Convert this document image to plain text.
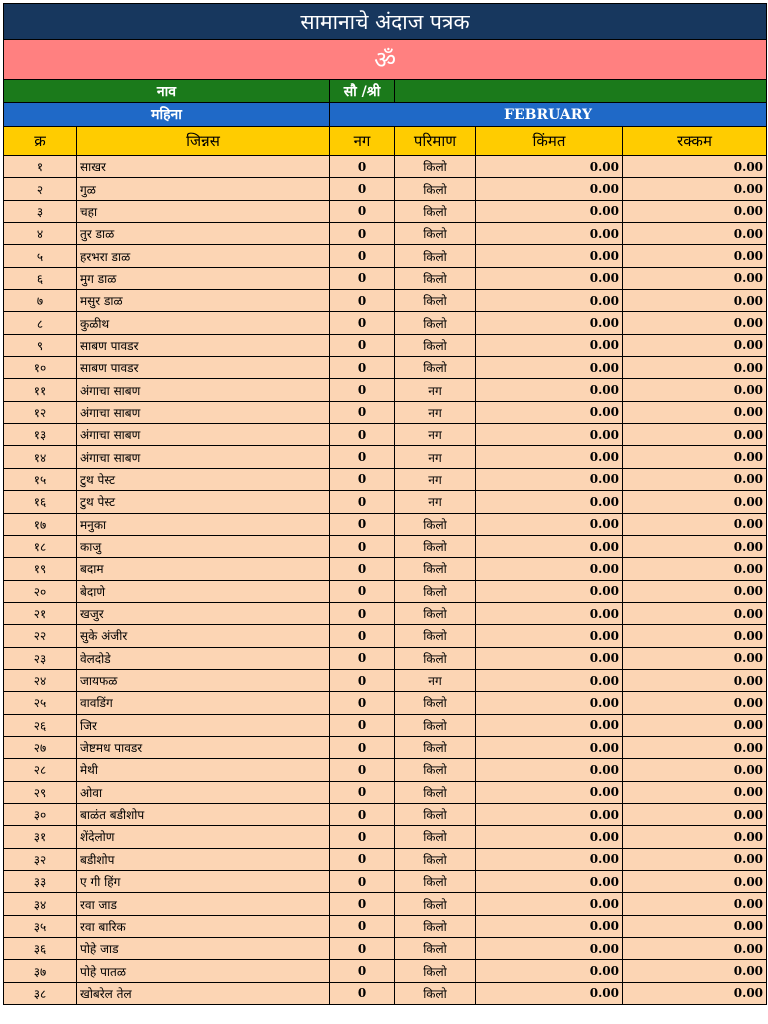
सामानाचे अंदाज पत्रक					
ॐ					
नाव		सौ /श्री			
महिना		FEBRUARY			
क्र	जिन्नस	नग	परिमाण	किंमत	रक्कम
१	साखर	0	किलो	0.00	0.00
२	गुळ	0	किलो	0.00	0.00
३	चहा	0	किलो	0.00	0.00
४	तुर डाळ	0	किलो	0.00	0.00
५	हरभरा डाळ	0	किलो	0.00	0.00
६	मुग डाळ	0	किलो	0.00	0.00
७	मसुर डाळ	0	किलो	0.00	0.00
८	कुळीथ	0	किलो	0.00	0.00
९	साबण पावडर	0	किलो	0.00	0.00
१०	साबण पावडर	0	किलो	0.00	0.00
११	अंगाचा साबण	0	नग	0.00	0.00
१२	अंगाचा साबण	0	नग	0.00	0.00
१३	अंगाचा साबण	0	नग	0.00	0.00
१४	अंगाचा साबण	0	नग	0.00	0.00
१५	टुथ पेस्ट	0	नग	0.00	0.00
१६	टुथ पेस्ट	0	नग	0.00	0.00
१७	मनुका	0	किलो	0.00	0.00
१८	काजु	0	किलो	0.00	0.00
१९	बदाम	0	किलो	0.00	0.00
२०	बेदाणे	0	किलो	0.00	0.00
२१	खजुर	0	किलो	0.00	0.00
२२	सुके अंजीर	0	किलो	0.00	0.00
२३	वेलदोडे	0	किलो	0.00	0.00
२४	जायफळ	0	नग	0.00	0.00
२५	वावडिंग	0	किलो	0.00	0.00
२६	जिर	0	किलो	0.00	0.00
२७	जेष्टमध पावडर	0	किलो	0.00	0.00
२८	मेथी	0	किलो	0.00	0.00
२९	ओवा	0	किलो	0.00	0.00
३०	बाळंत बडीशोप	0	किलो	0.00	0.00
३१	शेंदेलोण	0	किलो	0.00	0.00
३२	बडीशोप	0	किलो	0.00	0.00
३३	ए गी हिंग	0	किलो	0.00	0.00
३४	रवा जाड	0	किलो	0.00	0.00
३५	रवा बारिक	0	किलो	0.00	0.00
३६	पोहे जाड	0	किलो	0.00	0.00
३७	पोहे पातळ	0	किलो	0.00	0.00
३८	खोबरेल तेल	0	किलो	0.00	0.00
